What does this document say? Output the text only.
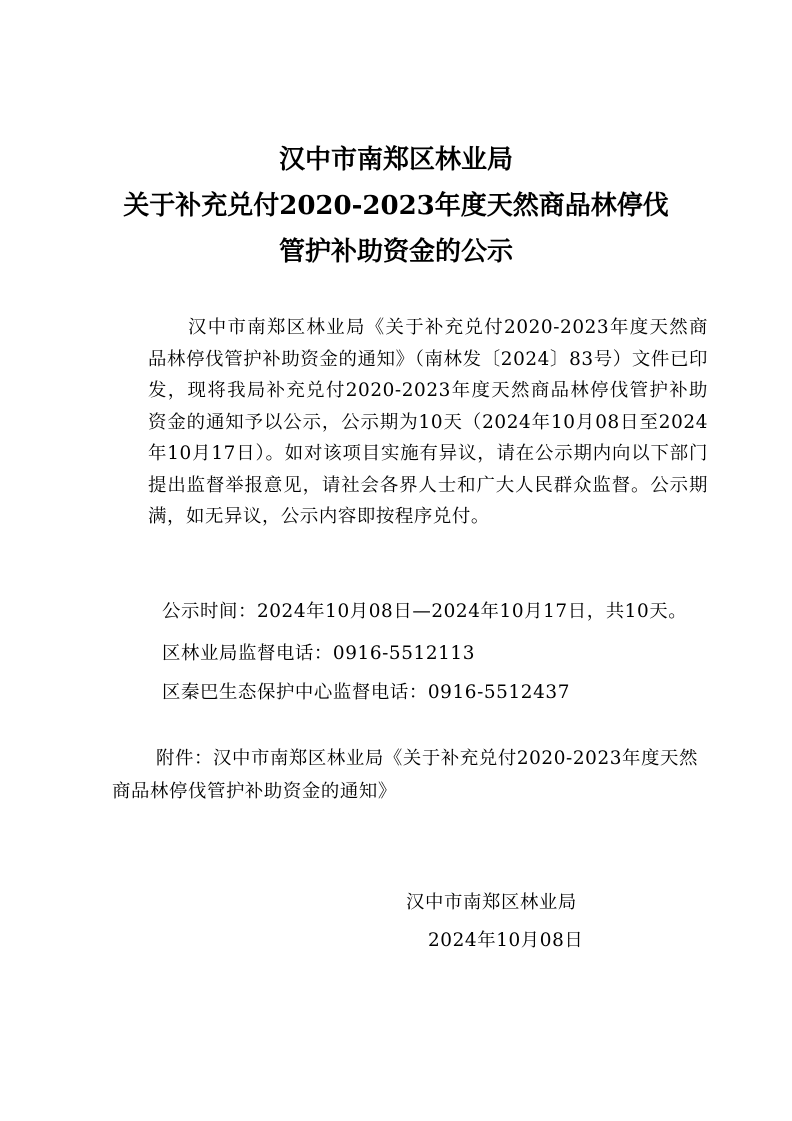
汉中市南郑区林业局
关于补充兑付2020-2023年度天然商品林停伐
管护补助资金的公示
汉中市南郑区林业局《关于补充兑付2020-2023年度天然商品林停伐管护补助资金的通知》（南林发〔2024〕83号）文件已印发，现将我局补充兑付2020-2023年度天然商品林停伐管护补助资金的通知予以公示，公示期为10天（2024年10月08日至2024年10月17日）。如对该项目实施有异议，请在公示期内向以下部门提出监督举报意见，请社会各界人士和广大人民群众监督。公示期满，如无异议，公示内容即按程序兑付。
公示时间：2024年10月08日—2024年10月17日，共10天。
区林业局监督电话：0916-5512113
区秦巴生态保护中心监督电话：0916-5512437
附件：汉中市南郑区林业局《关于补充兑付2020-2023年度天然商品林停伐管护补助资金的通知》
汉中市南郑区林业局
2024年10月08日
